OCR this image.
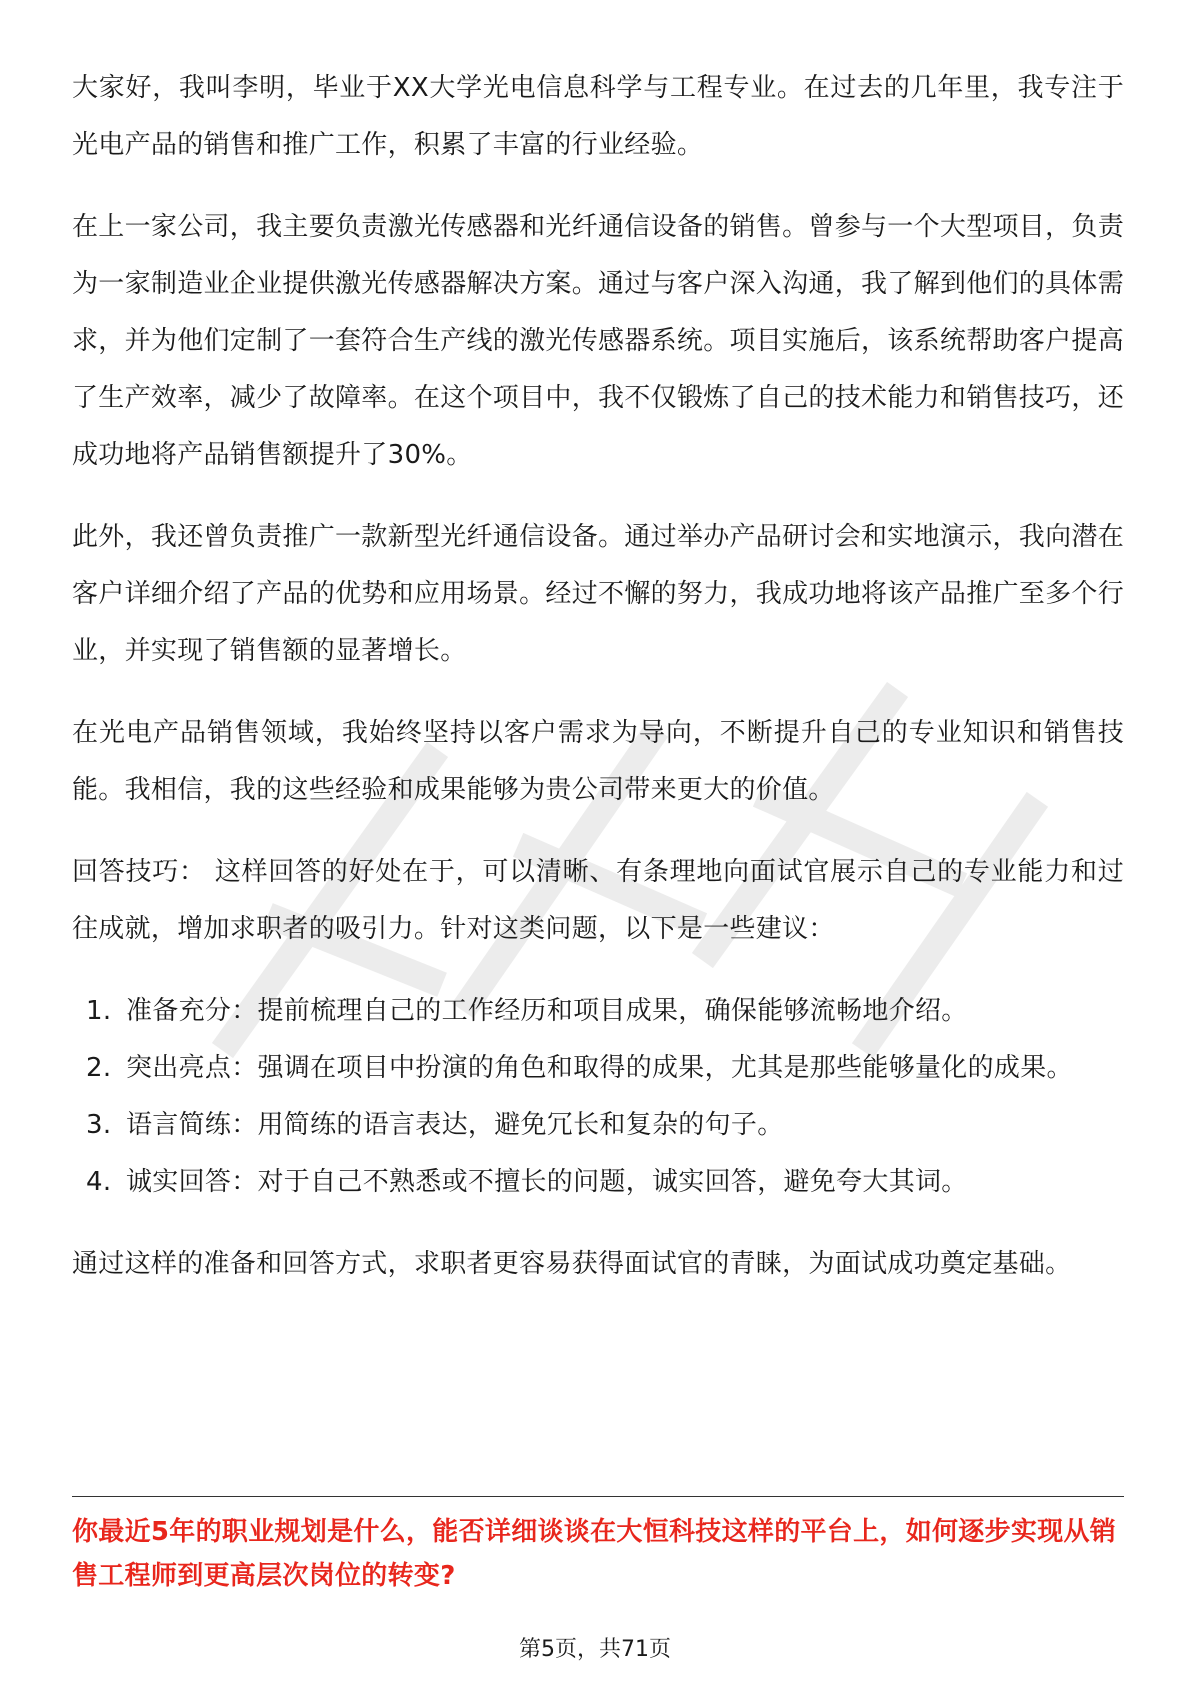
大家好，我叫李明，毕业于XX大学光电信息科学与工程专业。在过去的几年里，我专注于光电产品的销售和推广工作，积累了丰富的行业经验。

在上一家公司，我主要负责激光传感器和光纤通信设备的销售。曾参与一个大型项目，负责为一家制造业企业提供激光传感器解决方案。通过与客户深入沟通，我了解到他们的具体需求，并为他们定制了一套符合生产线的激光传感器系统。项目实施后，该系统帮助客户提高了生产效率，减少了故障率。在这个项目中，我不仅锻炼了自己的技术能力和销售技巧，还成功地将产品销售额提升了30%。

此外，我还曾负责推广一款新型光纤通信设备。通过举办产品研讨会和实地演示，我向潜在客户详细介绍了产品的优势和应用场景。经过不懈的努力，我成功地将该产品推广至多个行业，并实现了销售额的显著增长。

在光电产品销售领域，我始终坚持以客户需求为导向，不断提升自己的专业知识和销售技能。我相信，我的这些经验和成果能够为贵公司带来更大的价值。

回答技巧： 这样回答的好处在于，可以清晰、有条理地向面试官展示自己的专业能力和过往成就，增加求职者的吸引力。针对这类问题，以下是一些建议：

1. 准备充分：提前梳理自己的工作经历和项目成果，确保能够流畅地介绍。
2. 突出亮点：强调在项目中扮演的角色和取得的成果，尤其是那些能够量化的成果。
3. 语言简练：用简练的语言表达，避免冗长和复杂的句子。
4. 诚实回答：对于自己不熟悉或不擅长的问题，诚实回答，避免夸大其词。

通过这样的准备和回答方式，求职者更容易获得面试官的青睐，为面试成功奠定基础。

你最近5年的职业规划是什么，能否详细谈谈在大恒科技这样的平台上，如何逐步实现从销售工程师到更高层次岗位的转变?
第5页，共71页
